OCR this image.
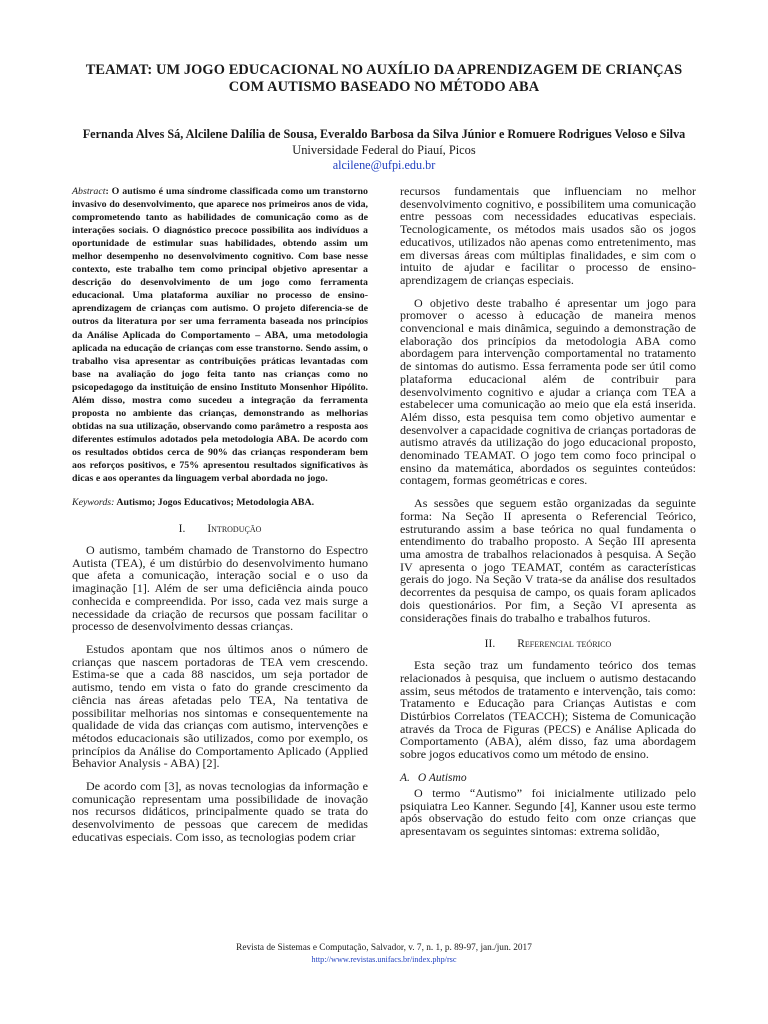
TEAMAT: UM JOGO EDUCACIONAL NO AUXÍLIO DA APRENDIZAGEM DE CRIANÇAS
COM AUTISMO BASEADO NO MÉTODO ABA
Fernanda Alves Sá, Alcilene Dalília de Sousa, Everaldo Barbosa da Silva Júnior e Romuere Rodrigues Veloso e Silva
Universidade Federal do Piauí, Picos
alcilene@ufpi.edu.br

Abstract: O autismo é uma síndrome classificada como um transtorno invasivo do desenvolvimento, que aparece nos primeiros anos de vida, comprometendo tanto as habilidades de comunicação como as de interações sociais. O diagnóstico precoce possibilita aos indivíduos a oportunidade de estimular suas habilidades, obtendo assim um melhor desempenho no desenvolvimento cognitivo. Com base nesse contexto, este trabalho tem como principal objetivo apresentar a descrição do desenvolvimento de um jogo como ferramenta educacional. Uma plataforma auxiliar no processo de ensino-aprendizagem de crianças com autismo. O projeto diferencia-se de outros da literatura por ser uma ferramenta baseada nos princípios da Análise Aplicada do Comportamento – ABA, uma metodologia aplicada na educação de crianças com esse transtorno. Sendo assim, o trabalho visa apresentar as contribuições práticas levantadas com base na avaliação do jogo feita tanto nas crianças como no psicopedagogo da instituição de ensino Instituto Monsenhor Hipólito. Além disso, mostra como sucedeu a integração da ferramenta proposta no ambiente das crianças, demonstrando as melhorias obtidas na sua utilização, observando como parâmetro a resposta aos diferentes estímulos adotados pela metodologia ABA. De acordo com os resultados obtidos cerca de 90% das crianças responderam bem aos reforços positivos, e 75% apresentou resultados significativos às dicas e aos operantes da linguagem verbal abordada no jogo.

Keywords: Autismo; Jogos Educativos; Metodologia ABA.
I. Introdução

O autismo, também chamado de Transtorno do Espectro Autista (TEA), é um distúrbio do desenvolvimento humano que afeta a comunicação, interação social e o uso da imaginação [1]. Além de ser uma deficiência ainda pouco conhecida e compreendida. Por isso, cada vez mais surge a necessidade da criação de recursos que possam facilitar o processo de desenvolvimento dessas crianças.

Estudos apontam que nos últimos anos o número de crianças que nascem portadoras de TEA vem crescendo. Estima-se que a cada 88 nascidos, um seja portador de autismo, tendo em vista o fato do grande crescimento da ciência nas áreas afetadas pelo TEA, Na tentativa de possibilitar melhorias nos sintomas e consequentemente na qualidade de vida das crianças com autismo, intervenções e métodos educacionais são utilizados, como por exemplo, os princípios da Análise do Comportamento Aplicado (Applied Behavior Analysis - ABA) [2].

De acordo com [3], as novas tecnologias da informação e comunicação representam uma possibilidade de inovação nos recursos didáticos, principalmente quado se trata do desenvolvimento de pessoas que carecem de medidas educativas especiais. Com isso, as tecnologias podem criar

recursos fundamentais que influenciam no melhor desenvolvimento cognitivo, e possibilitem uma comunicação entre pessoas com necessidades educativas especiais. Tecnologicamente, os métodos mais usados são os jogos educativos, utilizados não apenas como entretenimento, mas em diversas áreas com múltiplas finalidades, e sim com o intuito de ajudar e facilitar o processo de ensino-aprendizagem de crianças especiais.

O objetivo deste trabalho é apresentar um jogo para promover o acesso à educação de maneira menos convencional e mais dinâmica, seguindo a demonstração de elaboração dos princípios da metodologia ABA como abordagem para intervenção comportamental no tratamento de sintomas do autismo. Essa ferramenta pode ser útil como plataforma educacional além de contribuir para desenvolvimento cognitivo e ajudar a criança com TEA a estabelecer uma comunicação ao meio que ela está inserida. Além disso, esta pesquisa tem como objetivo aumentar e desenvolver a capacidade cognitiva de crianças portadoras de autismo através da utilização do jogo educacional proposto, denominado TEAMAT. O jogo tem como foco principal o ensino da matemática, abordados os seguintes conteúdos: contagem, formas geométricas e cores.

As sessões que seguem estão organizadas da seguinte forma: Na Seção II apresenta o Referencial Teórico, estruturando assim a base teórica no qual fundamenta o entendimento do trabalho proposto. A Seção III apresenta uma amostra de trabalhos relacionados à pesquisa. A Seção IV apresenta o jogo TEAMAT, contém as características gerais do jogo. Na Seção V trata-se da análise dos resultados decorrentes da pesquisa de campo, os quais foram aplicados dois questionários. Por fim, a Seção VI apresenta as considerações finais do trabalho e trabalhos futuros.

II. Referencial teórico

Esta seção traz um fundamento teórico dos temas relacionados à pesquisa, que incluem o autismo destacando assim, seus métodos de tratamento e intervenção, tais como: Tratamento e Educação para Crianças Autistas e com Distúrbios Correlatos (TEACCH); Sistema de Comunicação através da Troca de Figuras (PECS) e Análise Aplicada do Comportamento (ABA), além disso, faz uma abordagem sobre jogos educativos como um método de ensino.

A. O Autismo

O termo “Autismo” foi inicialmente utilizado pelo psiquiatra Leo Kanner. Segundo [4], Kanner usou este termo após observação do estudo feito com onze crianças que apresentavam os seguintes sintomas: extrema solidão,

Revista de Sistemas e Computação, Salvador, v. 7, n. 1, p. 89-97, jan./jun. 2017
http://www.revistas.unifacs.br/index.php/rsc
